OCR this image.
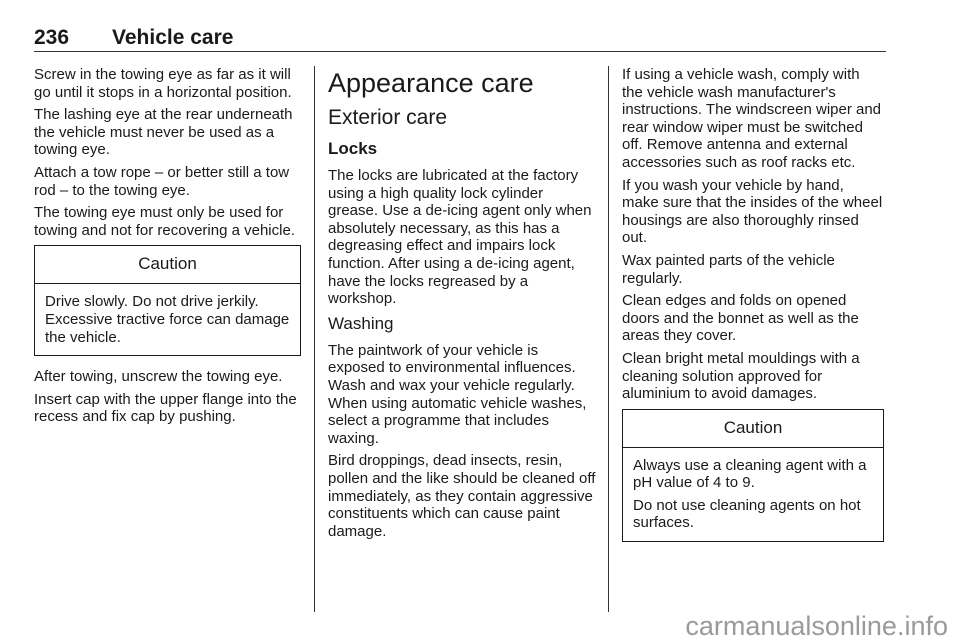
236 Vehicle care

Screw in the towing eye as far as it will go until it stops in a horizontal position.

The lashing eye at the rear underneath the vehicle must never be used as a towing eye.

Attach a tow rope – or better still a tow rod – to the towing eye.

The towing eye must only be used for towing and not for recovering a vehicle.

Caution

Drive slowly. Do not drive jerkily. Excessive tractive force can damage the vehicle.

After towing, unscrew the towing eye.

Insert cap with the upper flange into the recess and fix cap by pushing.

Appearance care
Exterior care
Locks

The locks are lubricated at the factory using a high quality lock cylinder grease. Use a de-icing agent only when absolutely necessary, as this has a degreasing effect and impairs lock function. After using a de-icing agent, have the locks regreased by a workshop.

Washing

The paintwork of your vehicle is exposed to environmental influences. Wash and wax your vehicle regularly. When using automatic vehicle washes, select a programme that includes waxing.

Bird droppings, dead insects, resin, pollen and the like should be cleaned off immediately, as they contain aggressive constituents which can cause paint damage.

If using a vehicle wash, comply with the vehicle wash manufacturer's instructions. The windscreen wiper and rear window wiper must be switched off. Remove antenna and external accessories such as roof racks etc.

If you wash your vehicle by hand, make sure that the insides of the wheel housings are also thoroughly rinsed out.

Wax painted parts of the vehicle regularly.

Clean edges and folds on opened doors and the bonnet as well as the areas they cover.

Clean bright metal mouldings with a cleaning solution approved for aluminium to avoid damages.

Caution

Always use a cleaning agent with a pH value of 4 to 9.

Do not use cleaning agents on hot surfaces.

carmanualsonline.info
